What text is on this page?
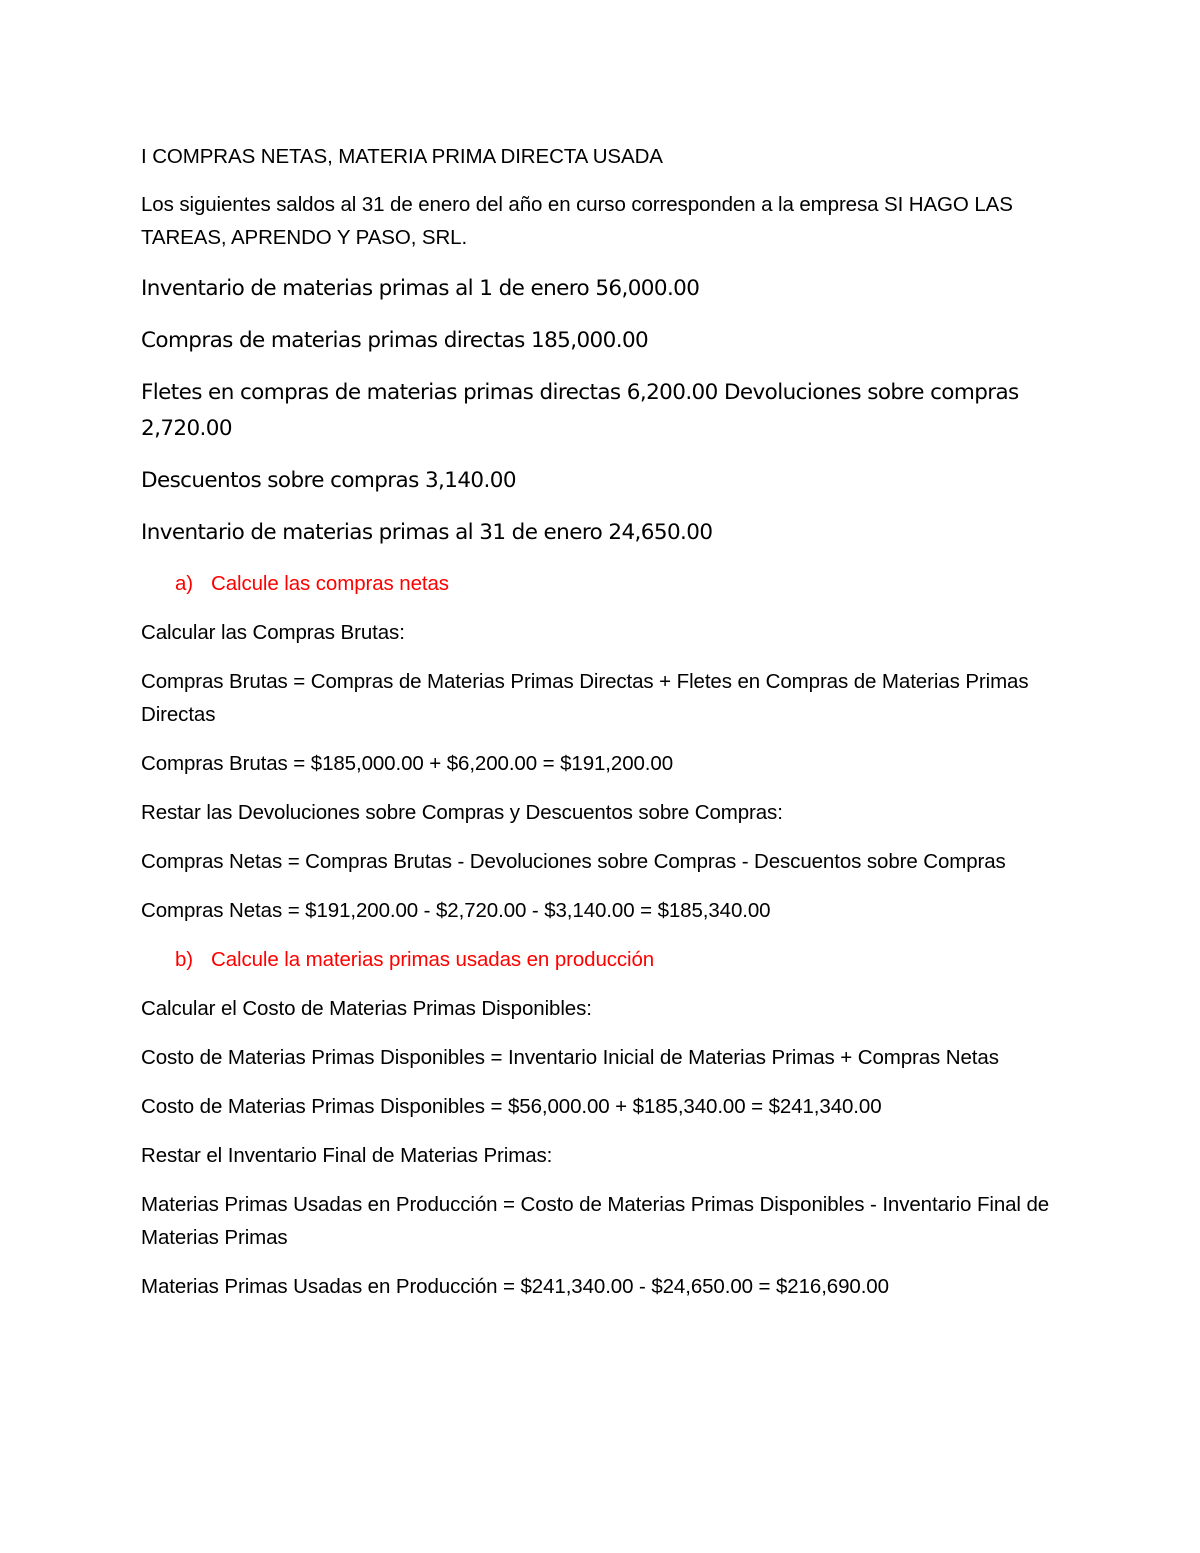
I COMPRAS NETAS, MATERIA PRIMA DIRECTA USADA

Los siguientes saldos al 31 de enero del año en curso corresponden a la empresa SI HAGO LAS TAREAS, APRENDO Y PASO, SRL.

Inventario de materias primas al 1 de enero 56,000.00

Compras de materias primas directas 185,000.00

Fletes en compras de materias primas directas 6,200.00 Devoluciones sobre compras 2,720.00

Descuentos sobre compras 3,140.00

Inventario de materias primas al 31 de enero 24,650.00

a) Calcule las compras netas

Calcular las Compras Brutas:

Compras Brutas = Compras de Materias Primas Directas + Fletes en Compras de Materias Primas Directas

Compras Brutas = $185,000.00 + $6,200.00 = $191,200.00

Restar las Devoluciones sobre Compras y Descuentos sobre Compras:

Compras Netas = Compras Brutas - Devoluciones sobre Compras - Descuentos sobre Compras

Compras Netas = $191,200.00 - $2,720.00 - $3,140.00 = $185,340.00

b) Calcule la materias primas usadas en producción

Calcular el Costo de Materias Primas Disponibles:

Costo de Materias Primas Disponibles = Inventario Inicial de Materias Primas + Compras Netas

Costo de Materias Primas Disponibles = $56,000.00 + $185,340.00 = $241,340.00

Restar el Inventario Final de Materias Primas:

Materias Primas Usadas en Producción = Costo de Materias Primas Disponibles - Inventario Final de Materias Primas

Materias Primas Usadas en Producción = $241,340.00 - $24,650.00 = $216,690.00
